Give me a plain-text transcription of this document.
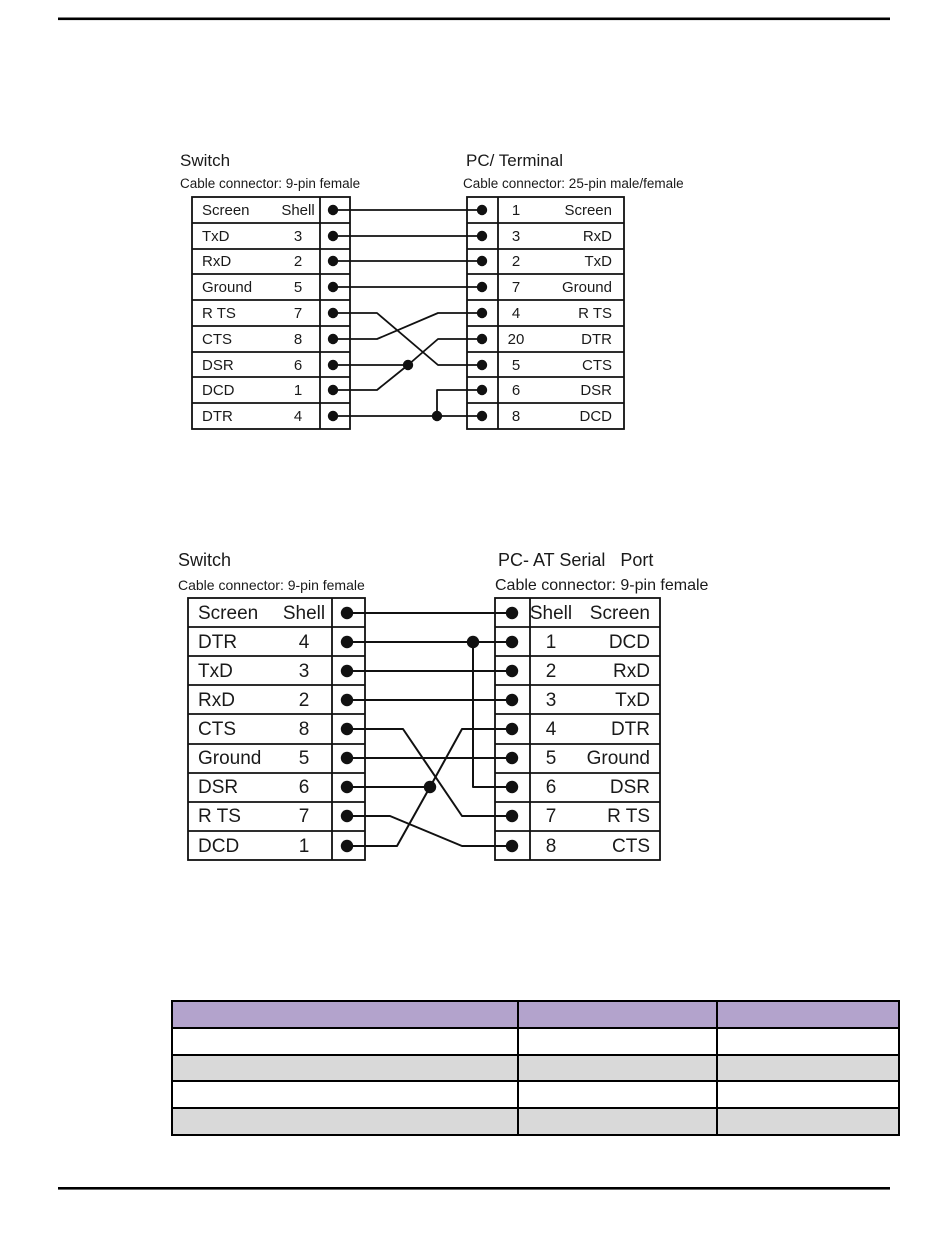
Switch
Cable connector: 9-pin female
PC/ Terminal
Cable connector: 25-pin male/female
Screen Shell	1	Screen
TxD	3	3	RxD
RxD	2	2	TxD
Ground	5	7	Ground
R TS	7	4	R TS
CTS	8	20	DTR
DSR	6	5	CTS
DCD	1	6	DSR
DTR	4	8	DCD
Switch
Cable connector: 9-pin female
PC- AT Serial   Port
Cable connector: 9-pin female
Screen Shell	Shell Screen
DTR	4	1	DCD
TxD	3	2	RxD
RxD	2	3	TxD
CTS	8	4	DTR
Ground 5	5 Ground
DSR	6	6	DSR
R TS	7	7	R TS
DCD	1	8	CTS
